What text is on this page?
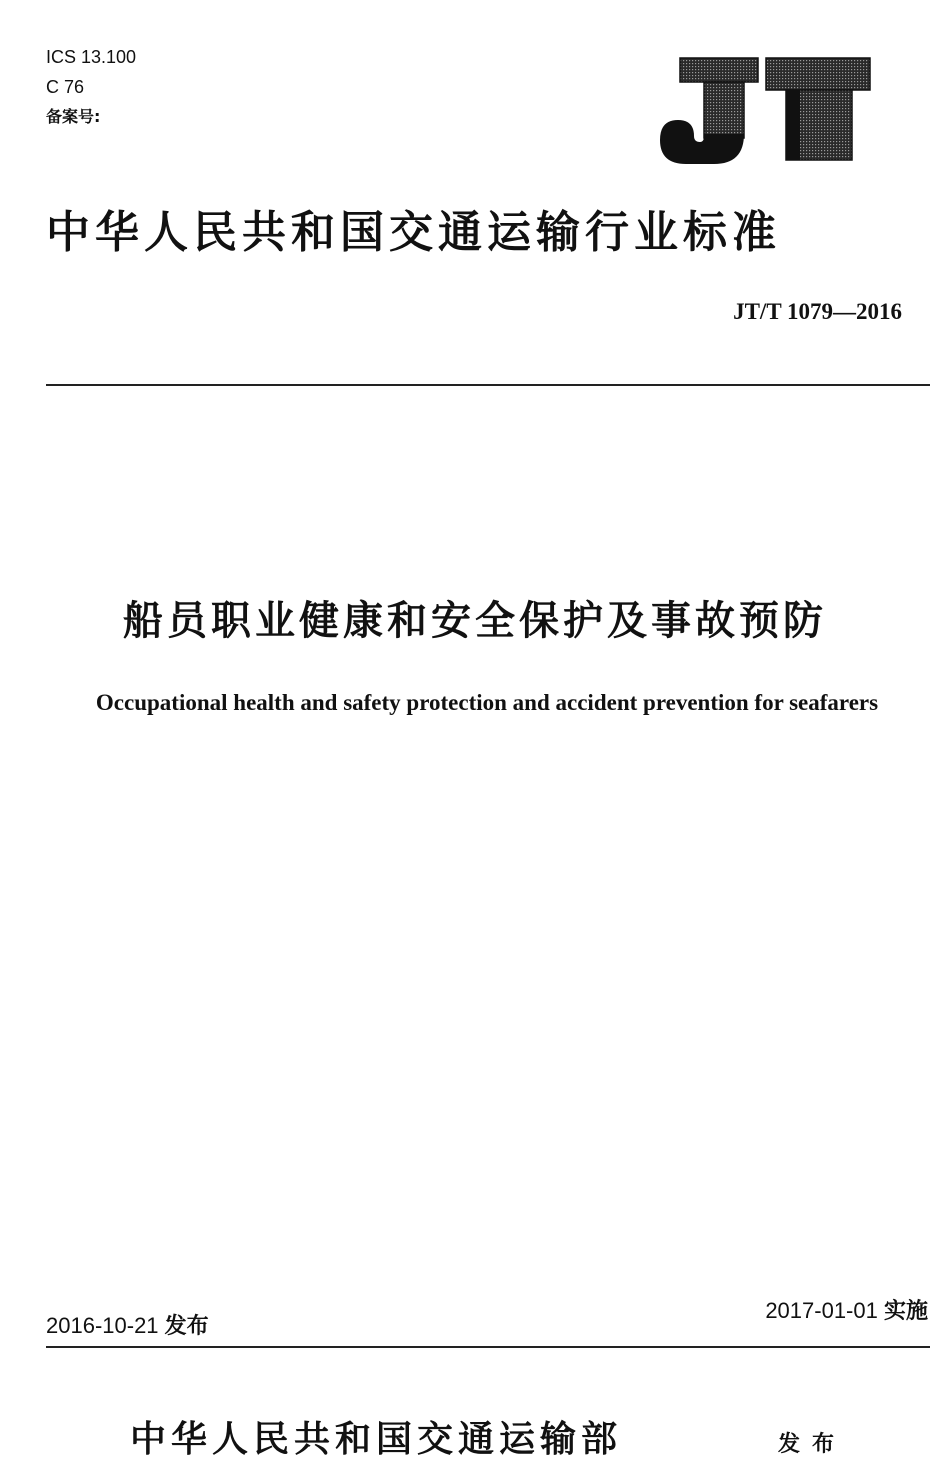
ICS 13.100
C 76
备案号:
中华人民共和国交通运输行业标准
JT/T 1079—2016
船员职业健康和安全保护及事故预防
Occupational health and safety protection and accident prevention for seafarers
2016-10-21 发布
2017-01-01 实施
中华人民共和国交通运输部	发布
